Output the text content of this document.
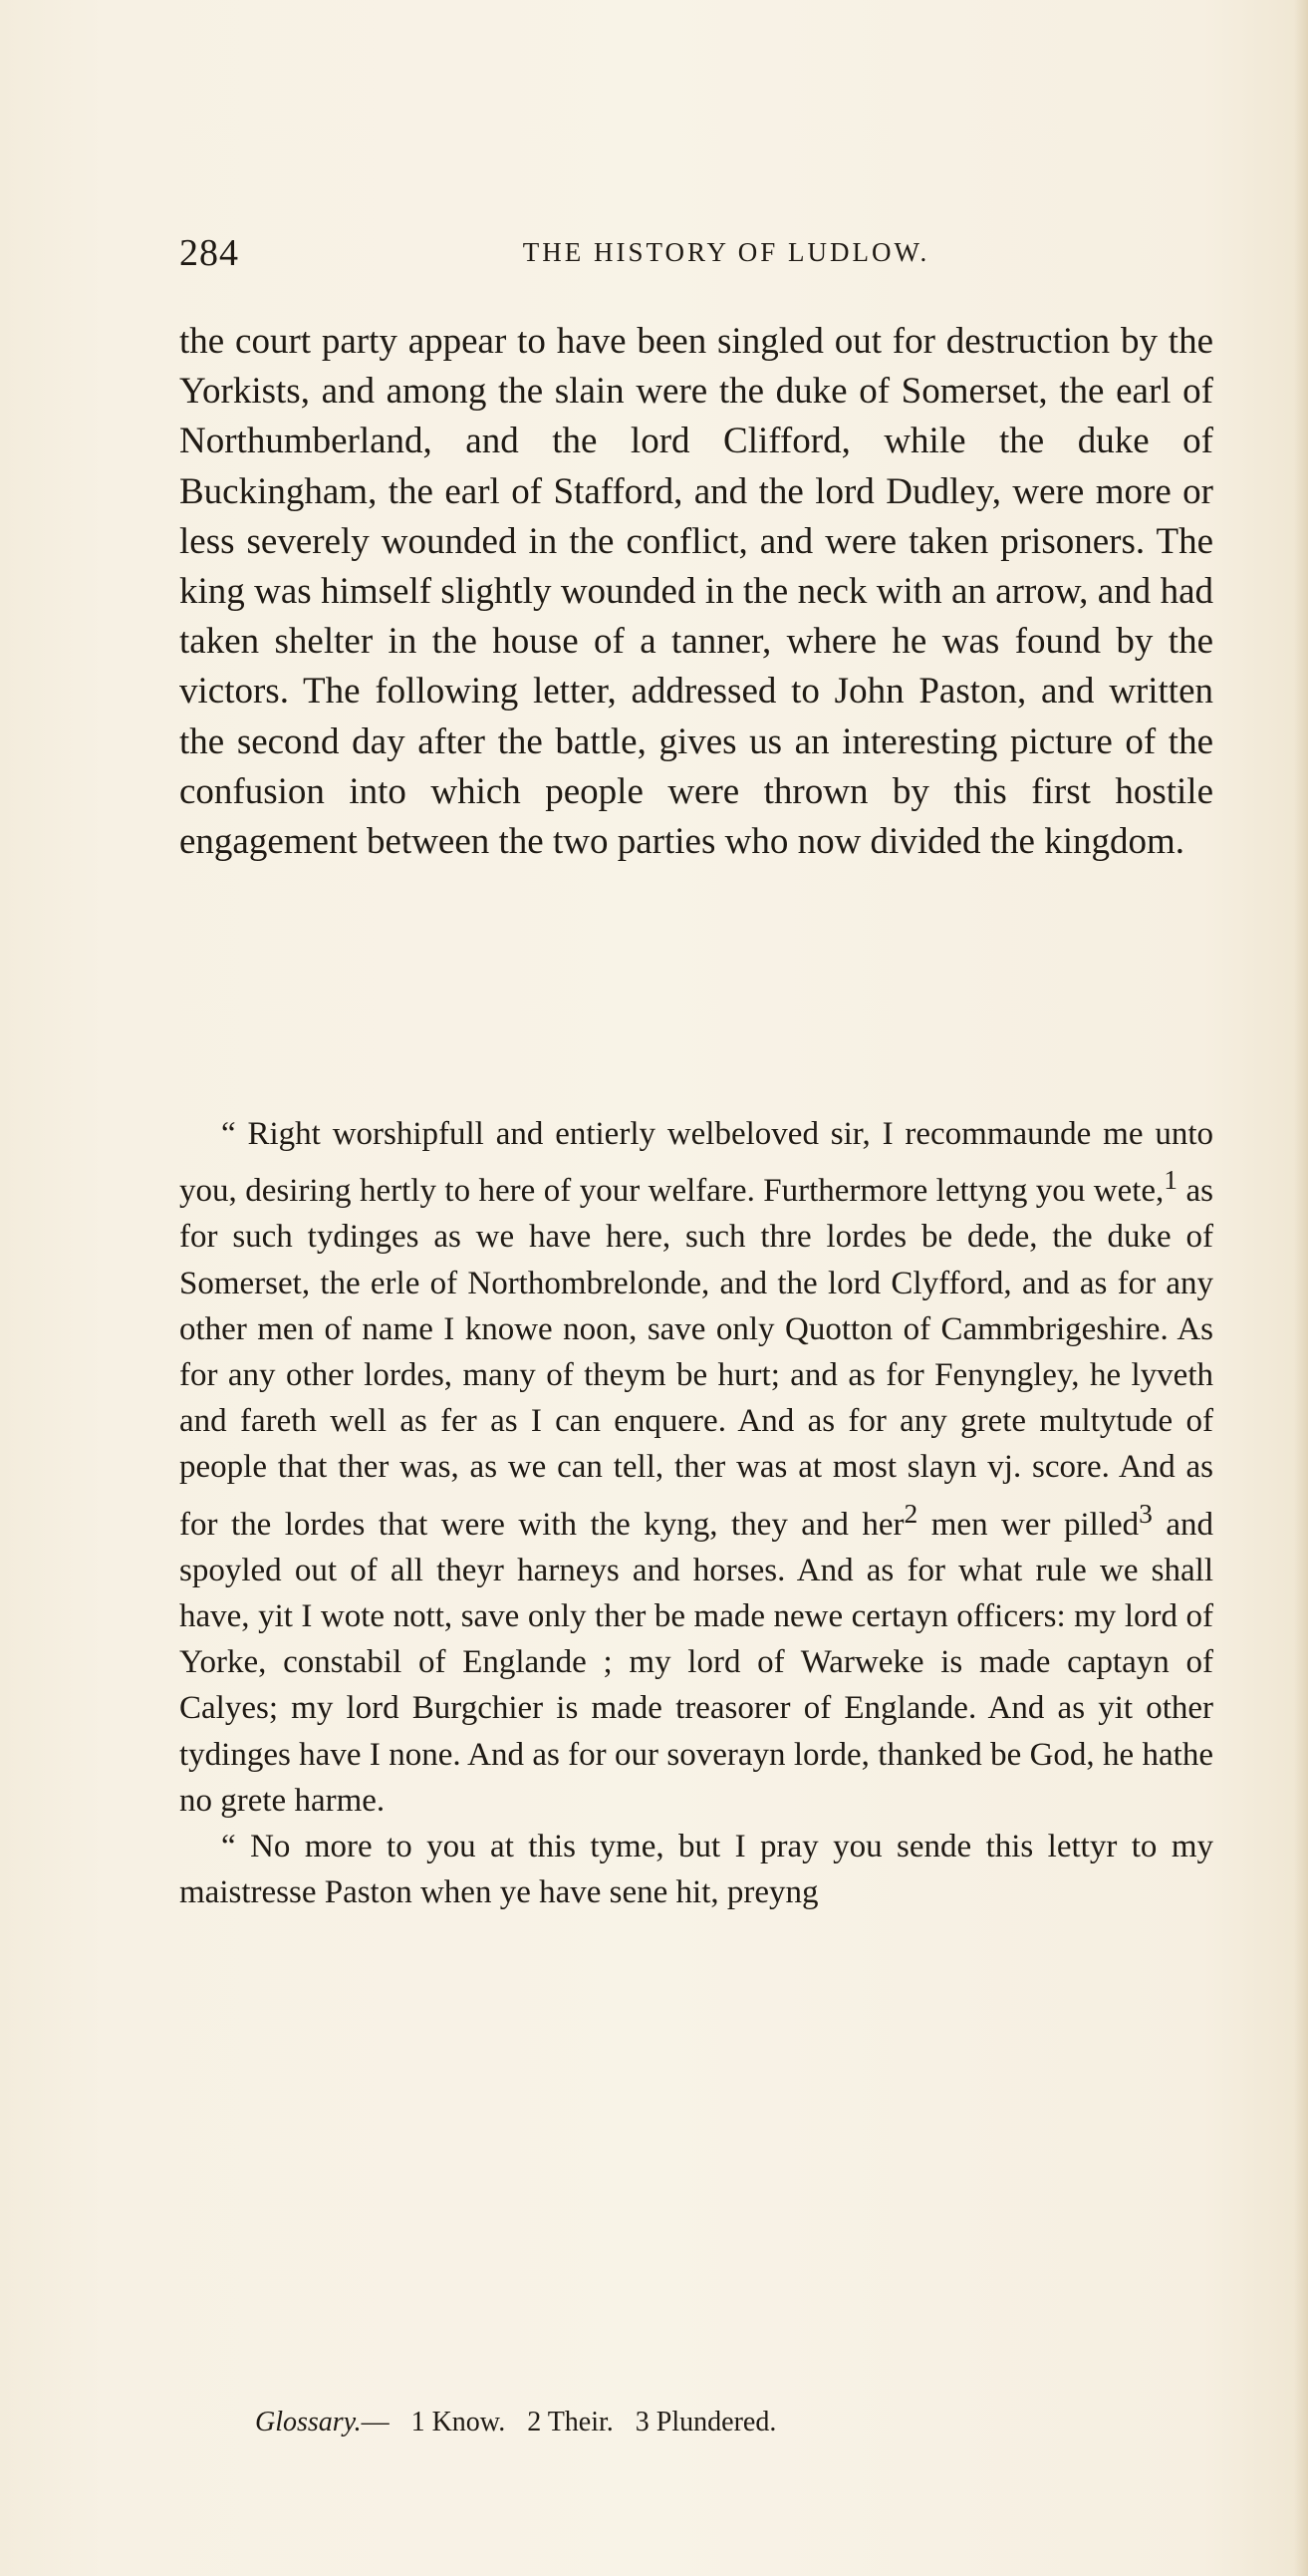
284	THE HISTORY OF LUDLOW.

the court party appear to have been singled out for destruction by the Yorkists, and among the slain were the duke of Somerset, the earl of Northumberland, and the lord Clifford, while the duke of Buckingham, the earl of Stafford, and the lord Dudley, were more or less severely wounded in the conflict, and were taken prisoners. The king was himself slightly wounded in the neck with an arrow, and had taken shelter in the house of a tanner, where he was found by the victors. The following letter, addressed to John Paston, and written the second day after the battle, gives us an interesting picture of the confusion into which people were thrown by this first hostile engagement between the two parties who now divided the kingdom.

“ Right worshipfull and entierly welbeloved sir, I recommaunde me unto you, desiring hertly to here of your welfare. Furthermore lettyng you wete,$^1$ as for such tydinges as we have here, such thre lordes be dede, the duke of Somerset, the erle of Northombrelonde, and the lord Clyfford, and as for any other men of name I knowe noon, save only Quotton of Cammbrigeshire. As for any other lordes, many of theym be hurt; and as for Fenyngley, he lyveth and fareth well as fer as I can enquere. And as for any grete multytude of people that ther was, as we can tell, ther was at most slayn vj. score. And as for the lordes that were with the kyng, they and her$^2$ men wer pilled$^3$ and spoyled out of all theyr harneys and horses. And as for what rule we shall have, yit I wote nott, save only ther be made newe certayn officers: my lord of Yorke, constabil of Englande ; my lord of Warweke is made captayn of Calyes; my lord Burgchier is made treasorer of Englande. And as yit other tydinges have I none. And as for our soverayn lorde, thanked be God, he hathe no grete harme.

“ No more to you at this tyme, but I pray you sende this lettyr to my maistresse Paston when ye have sene hit, preyng

Glossary.— 1 Know. 2 Their. 3 Plundered.
